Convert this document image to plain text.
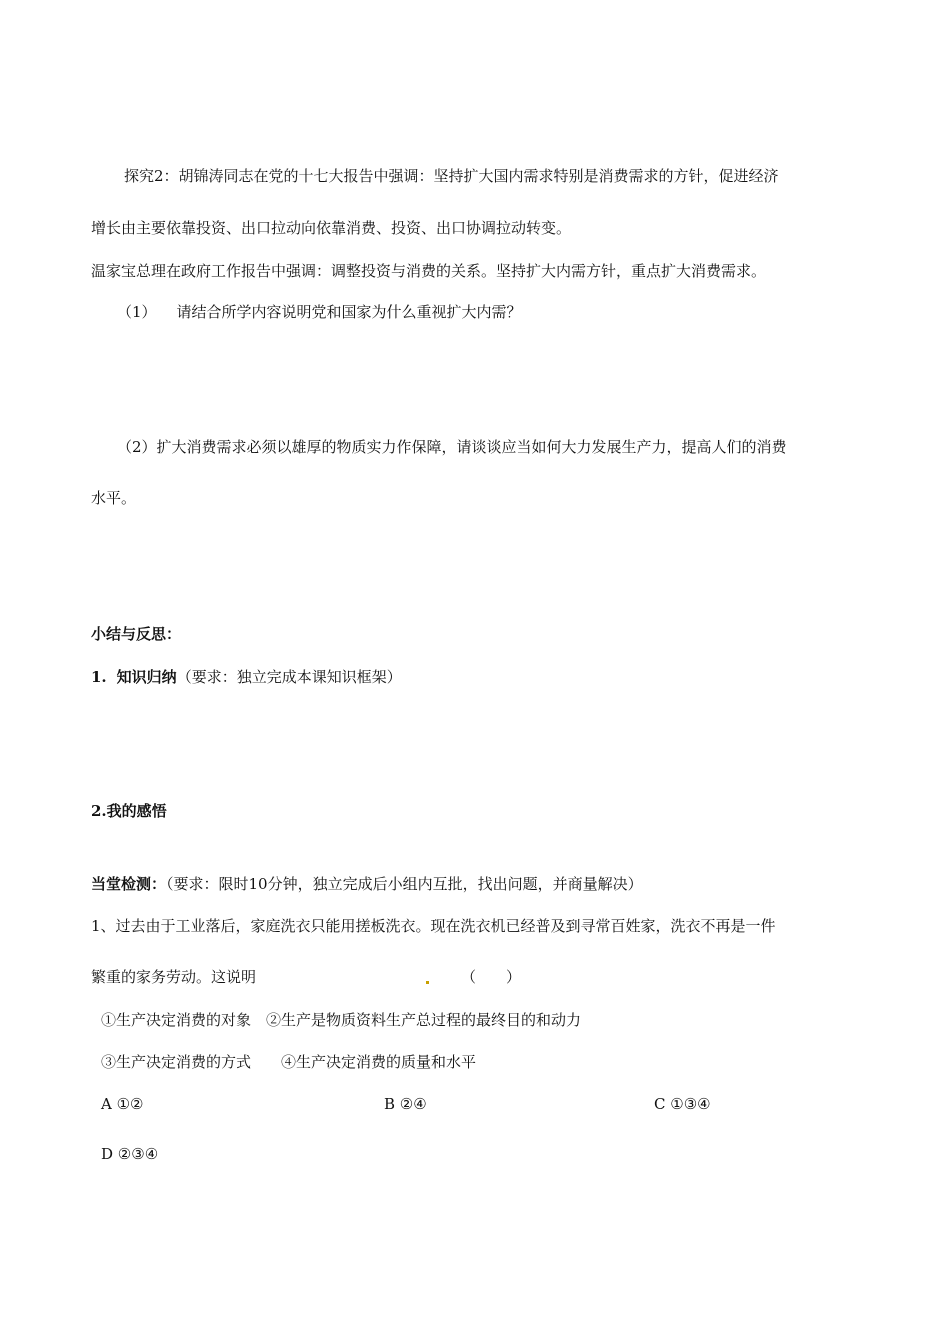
探究2：胡锦涛同志在党的十七大报告中强调：坚持扩大国内需求特别是消费需求的方针，促进经济
增长由主要依靠投资、出口拉动向依靠消费、投资、出口协调拉动转变。
温家宝总理在政府工作报告中强调：调整投资与消费的关系。坚持扩大内需方针，重点扩大消费需求。
（1） 请结合所学内容说明党和国家为什么重视扩大内需？
（2）扩大消费需求必须以雄厚的物质实力作保障，请谈谈应当如何大力发展生产力，提高人们的消费
水平。
小结与反思：
1. 知识归纳（要求：独立完成本课知识框架）
2.我的感悟
当堂检测：（要求：限时10分钟，独立完成后小组内互批，找出问题，并商量解决）
1、过去由于工业落后，家庭洗衣只能用搓板洗衣。现在洗衣机已经普及到寻常百姓家，洗衣不再是一件
繁重的家务劳动。这说明	（　　）
①生产决定消费的对象　②生产是物质资料生产总过程的最终目的和动力
③生产决定消费的方式　　④生产决定消费的质量和水平
A ①②	B ②④	C ①③④
D ②③④
